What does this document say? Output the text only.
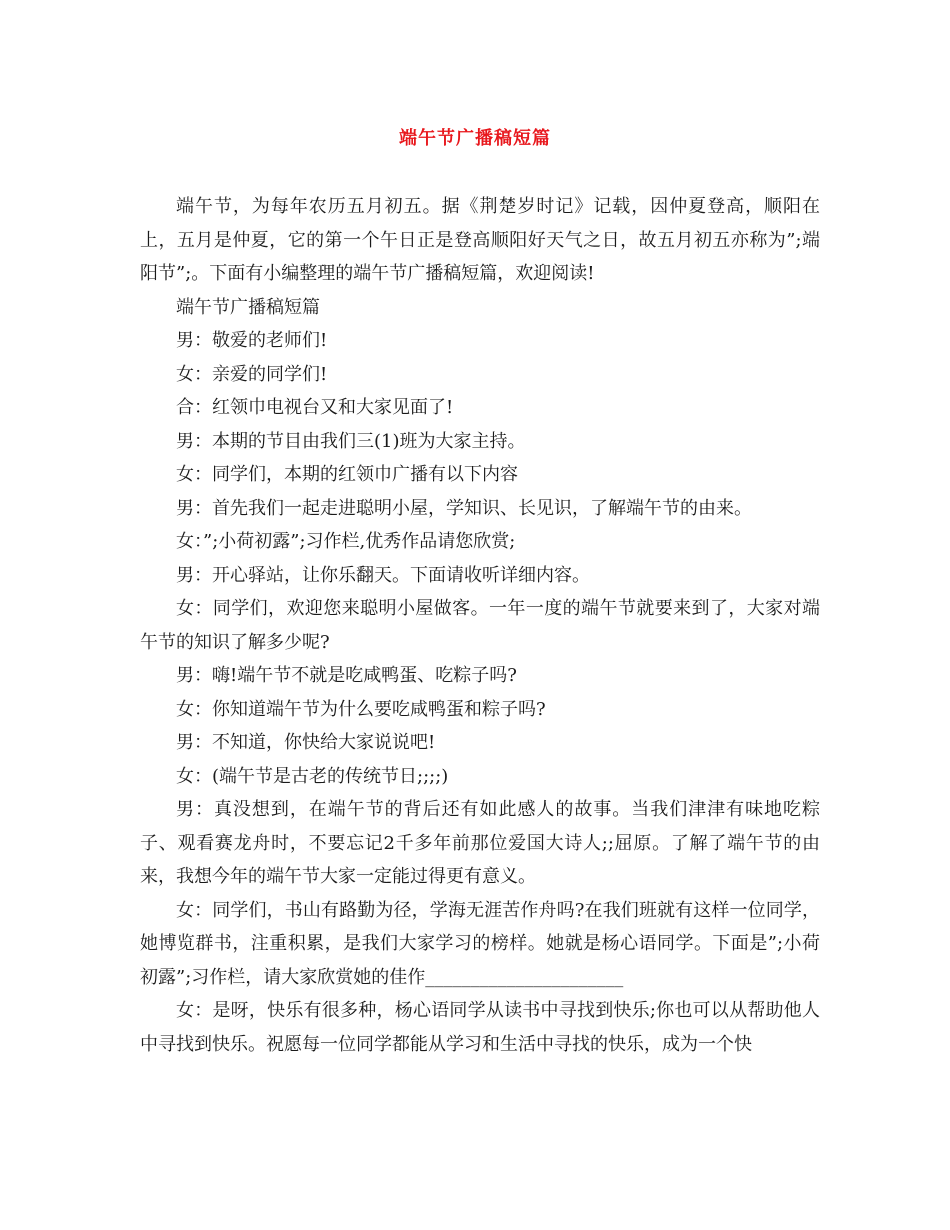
端午节广播稿短篇

端午节，为每年农历五月初五。据《荆楚岁时记》记载，因仲夏登高，顺阳在上，五月是仲夏，它的第一个午日正是登高顺阳好天气之日，故五月初五亦称为”;端阳节”;。下面有小编整理的端午节广播稿短篇，欢迎阅读!

端午节广播稿短篇

男：敬爱的老师们!

女：亲爱的同学们!

合：红领巾电视台又和大家见面了!

男：本期的节目由我们三(1)班为大家主持。

女：同学们，本期的红领巾广播有以下内容

男：首先我们一起走进聪明小屋，学知识、长见识，了解端午节的由来。

女：”;小荷初露”;习作栏,优秀作品请您欣赏;

男：开心驿站，让你乐翻天。下面请收听详细内容。

女：同学们，欢迎您来聪明小屋做客。一年一度的端午节就要来到了，大家对端午节的知识了解多少呢?

男：嗨!端午节不就是吃咸鸭蛋、吃粽子吗?

女：你知道端午节为什么要吃咸鸭蛋和粽子吗?

男：不知道，你快给大家说说吧!

女：(端午节是古老的传统节日;;;;)

男：真没想到，在端午节的背后还有如此感人的故事。当我们津津有味地吃粽子、观看赛龙舟时，不要忘记2千多年前那位爱国大诗人;;屈原。了解了端午节的由来，我想今年的端午节大家一定能过得更有意义。

女：同学们，书山有路勤为径，学海无涯苦作舟吗?在我们班就有这样一位同学，她博览群书，注重积累，是我们大家学习的榜样。她就是杨心语同学。下面是”;小荷初露”;习作栏，请大家欣赏她的佳作______________________

女：是呀，快乐有很多种，杨心语同学从读书中寻找到快乐;你也可以从帮助他人中寻找到快乐。祝愿每一位同学都能从学习和生活中寻找的快乐，成为一个快
